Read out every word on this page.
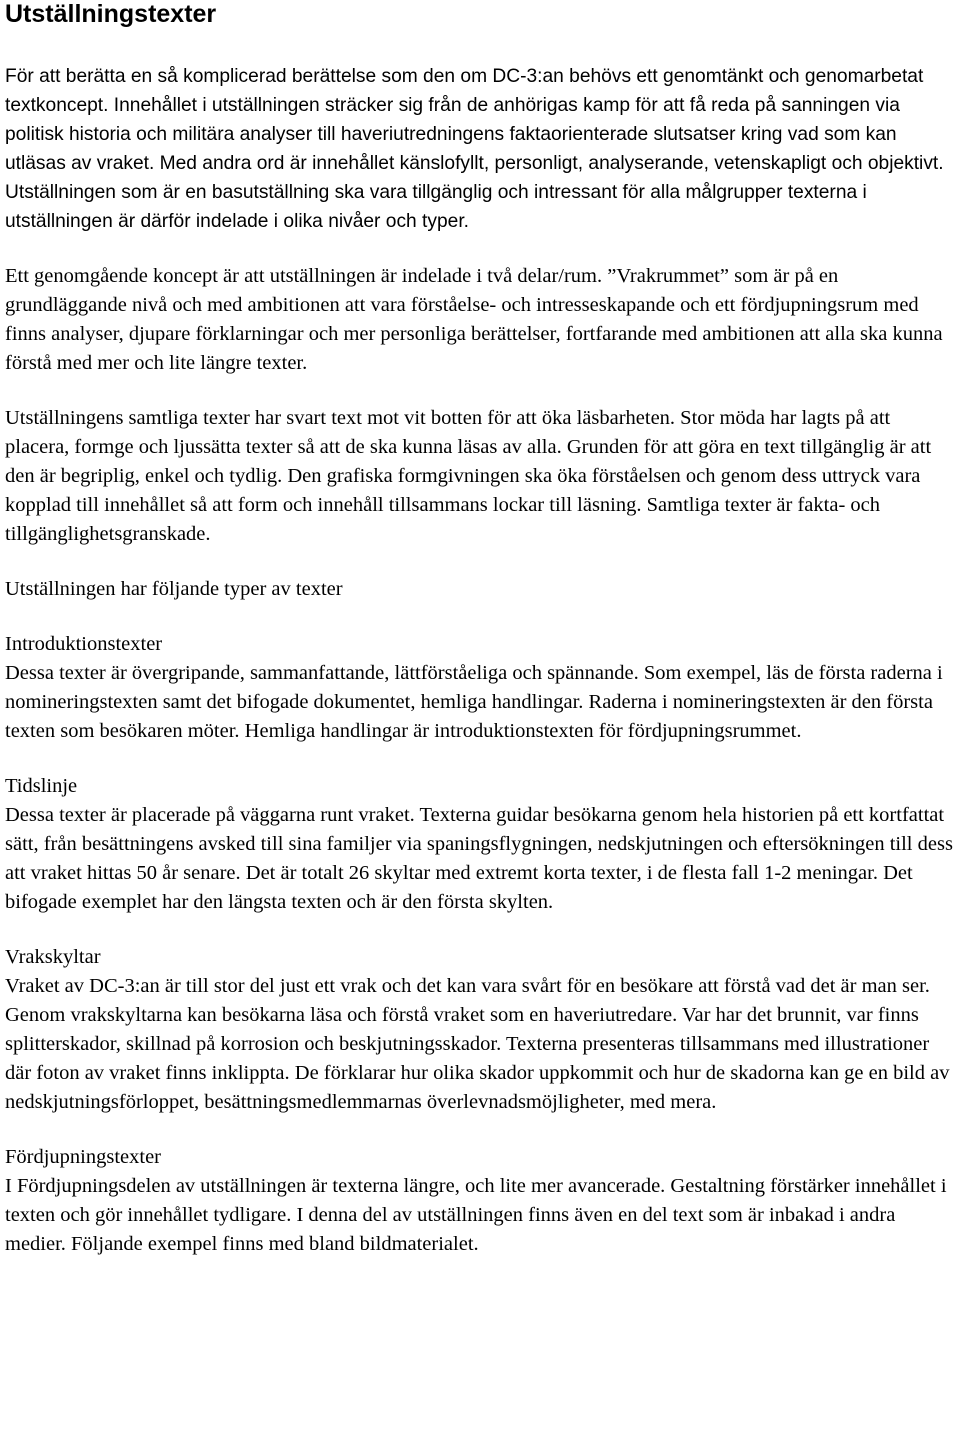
Utställningstexter

För att berätta en så komplicerad berättelse som den om DC-3:an behövs ett genomtänkt och genomarbetat textkoncept. Innehållet i utställningen sträcker sig från de anhörigas kamp för att få reda på sanningen via politisk historia och militära analyser till haveriutredningens faktaorienterade slutsatser kring vad som kan utläsas av vraket. Med andra ord är innehållet känslofyllt, personligt, analyserande, vetenskapligt och objektivt. Utställningen som är en basutställning ska vara tillgänglig och intressant för alla målgrupper texterna i utställningen är därför indelade i olika nivåer och typer.

Ett genomgående koncept är att utställningen är indelade i två delar/rum. ”Vrakrummet” som är på en grundläggande nivå och med ambitionen att vara förståelse- och intresseskapande och ett fördjupningsrum med finns analyser, djupare förklarningar och mer personliga berättelser, fortfarande med ambitionen att alla ska kunna förstå med mer och lite längre texter.

Utställningens samtliga texter har svart text mot vit botten för att öka läsbarheten. Stor möda har lagts på att placera, formge och ljussätta texter så att de ska kunna läsas av alla. Grunden för att göra en text tillgänglig är att den är begriplig, enkel och tydlig. Den grafiska formgivningen ska öka förståelsen och genom dess uttryck vara kopplad till innehållet så att form och innehåll tillsammans lockar till läsning. Samtliga texter är fakta- och tillgänglighetsgranskade.

Utställningen har följande typer av texter

Introduktionstexter

Dessa texter är övergripande, sammanfattande, lättförståeliga och spännande. Som exempel, läs de första raderna i nomineringstexten samt det bifogade dokumentet, hemliga handlingar. Raderna i nomineringstexten är den första texten som besökaren möter. Hemliga handlingar är introduktionstexten för fördjupningsrummet.

Tidslinje

Dessa texter är placerade på väggarna runt vraket. Texterna guidar besökarna genom hela historien på ett kortfattat sätt, från besättningens avsked till sina familjer via spaningsflygningen, nedskjutningen och eftersökningen till dess att vraket hittas 50 år senare. Det är totalt 26 skyltar med extremt korta texter, i de flesta fall 1-2 meningar. Det bifogade exemplet har den längsta texten och är den första skylten.

Vrakskyltar

Vraket av DC-3:an är till stor del just ett vrak och det kan vara svårt för en besökare att förstå vad det är man ser. Genom vrakskyltarna kan besökarna läsa och förstå vraket som en haveriutredare. Var har det brunnit, var finns splitterskador, skillnad på korrosion och beskjutningsskador. Texterna presenteras tillsammans med illustrationer där foton av vraket finns inklippta. De förklarar hur olika skador uppkommit och hur de skadorna kan ge en bild av nedskjutningsförloppet, besättningsmedlemmarnas överlevnadsmöjligheter, med mera.

Fördjupningstexter

I Fördjupningsdelen av utställningen är texterna längre, och lite mer avancerade. Gestaltning förstärker innehållet i texten och gör innehållet tydligare. I denna del av utställningen finns även en del text som är inbakad i andra medier. Följande exempel finns med bland bildmaterialet.
